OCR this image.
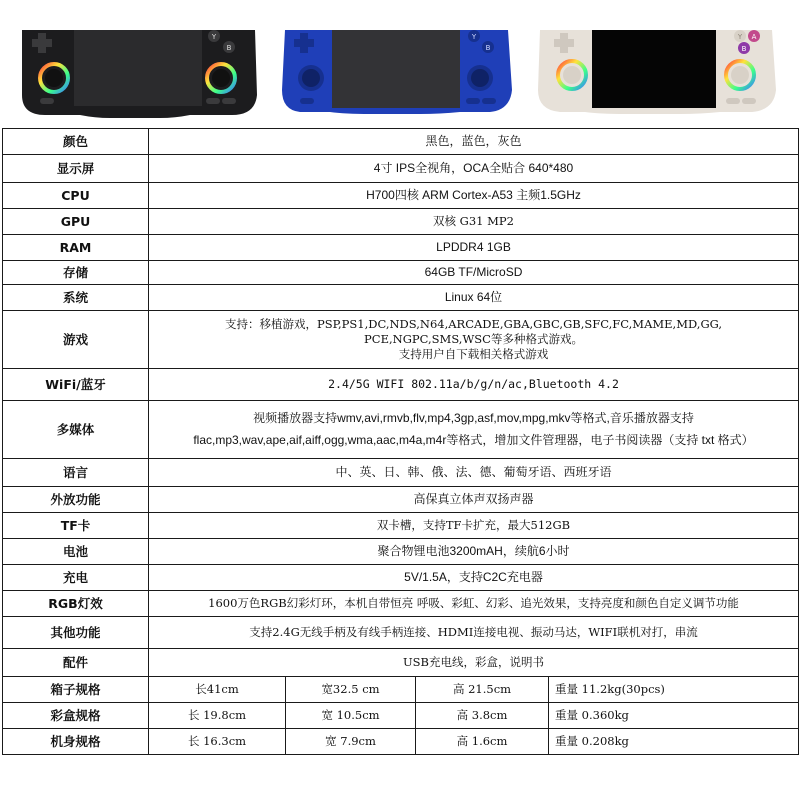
Y
B
Y
B
Y A
B
颜色	黑色，蓝色，灰色			
显示屏	4寸 IPS全视角，OCA全贴合 640*480			
CPU	H700四核 ARM Cortex-A53 主频1.5GHz			
GPU	双核 G31 MP2			
RAM	LPDDR4 1GB			
存储	64GB TF/MicroSD			
系统	Linux 64位			
游戏	支持：移植游戏，PSP,PS1,DC,NDS,N64,ARCADE,GBA,GBC,GB,SFC,FC,MAME,MD,GG,
PCE,NGPC,SMS,WSC等多种格式游戏。
支持用户自下载相关格式游戏			

WiFi/蓝牙	2.4/5G WIFI 802.11a/b/g/n/ac,Bluetooth 4.2			
多媒体	视频播放器支持wmv,avi,rmvb,flv,mp4,3gp,asf,mov,mpg,mkv等格式,音乐播放器支持
flac,mp3,wav,ape,aif,aiff,ogg,wma,aac,m4a,m4r等格式，增加文件管理器，电子书阅读器（支持 txt 格式）			

语言	中、英、日、韩、俄、法、德、葡萄牙语、西班牙语			
外放功能	高保真立体声双扬声器			
TF卡	双卡槽，支持TF卡扩充，最大512GB			
电池	聚合物锂电池3200mAH，续航6小时			
充电	5V/1.5A，支持C2C充电器			
RGB灯效	1600万色RGB幻彩灯环，本机自带恒亮 呼吸、彩虹、幻彩、追光效果，支持亮度和颜色自定义调节功能			
其他功能	支持2.4G无线手柄及有线手柄连接、HDMI连接电视、振动马达，WIFI联机对打，串流			
配件	USB充电线，彩盒，说明书			
箱子规格	长41cm	宽32.5 cm	高 21.5cm	重量 11.2kg(30pcs)
彩盒规格	长 19.8cm	宽 10.5cm	高 3.8cm	重量 0.360kg
机身规格	长 16.3cm	宽 7.9cm	高 1.6cm	重量 0.208kg
